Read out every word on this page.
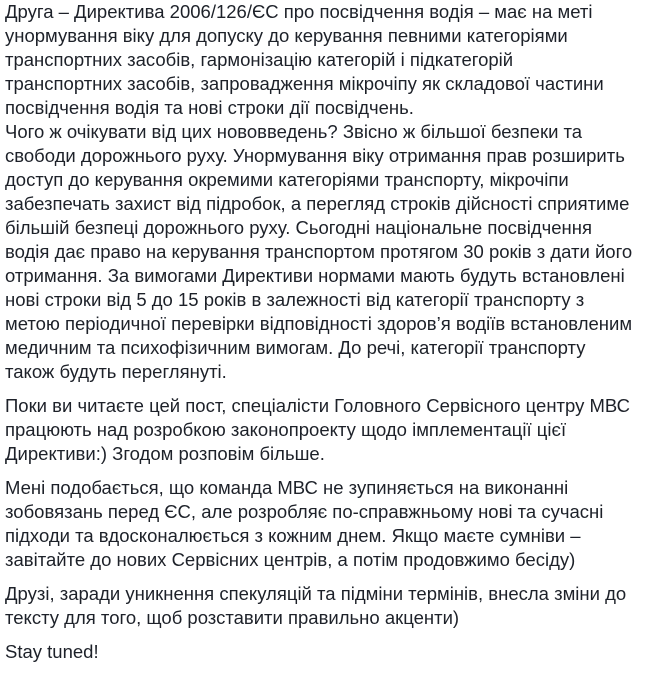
Друга – Директива 2006/126/ЄС про посвідчення водія – має на меті
унормування віку для допуску до керування певними категоріями
транспортних засобів, гармонізацію категорій і підкатегорій
транспортних засобів, запровадження мікрочіпу як складової частини
посвідчення водія та нові строки дії посвідчень.
Чого ж очікувати від цих нововведень? Звісно ж більшої безпеки та
свободи дорожнього руху. Унормування віку отримання прав розширить
доступ до керування окремими категоріями транспорту, мікрочіпи
забезпечать захист від підробок, а перегляд строків дійсності сприятиме
більшій безпеці дорожнього руху. Сьогодні національне посвідчення
водія дає право на керування транспортом протягом 30 років з дати його
отримання. За вимогами Директиви нормами мають будуть встановлені
нові строки від 5 до 15 років в залежності від категорії транспорту з
метою періодичної перевірки відповідності здоров’я водіїв встановленим
медичним та психофізичним вимогам. До речі, категорії транспорту
також будуть переглянуті.

Поки ви читаєте цей пост, спеціалісти Головного Сервісного центру МВС
працюють над розробкою законопроекту щодо імплементації цієї
Директиви:) Згодом розповім більше.

Мені подобається, що команда МВС не зупиняється на виконанні
зобовязань перед ЄС, але розробляє по-справжньому нові та сучасні
підходи та вдосконалюється з кожним днем. Якщо маєте сумніви –
завітайте до нових Сервісних центрів, а потім продовжимо бесіду)

Друзі, заради уникнення спекуляцій та підміни термінів, внесла зміни до
тексту для того, щоб розставити правильно акценти)

Stay tuned!
